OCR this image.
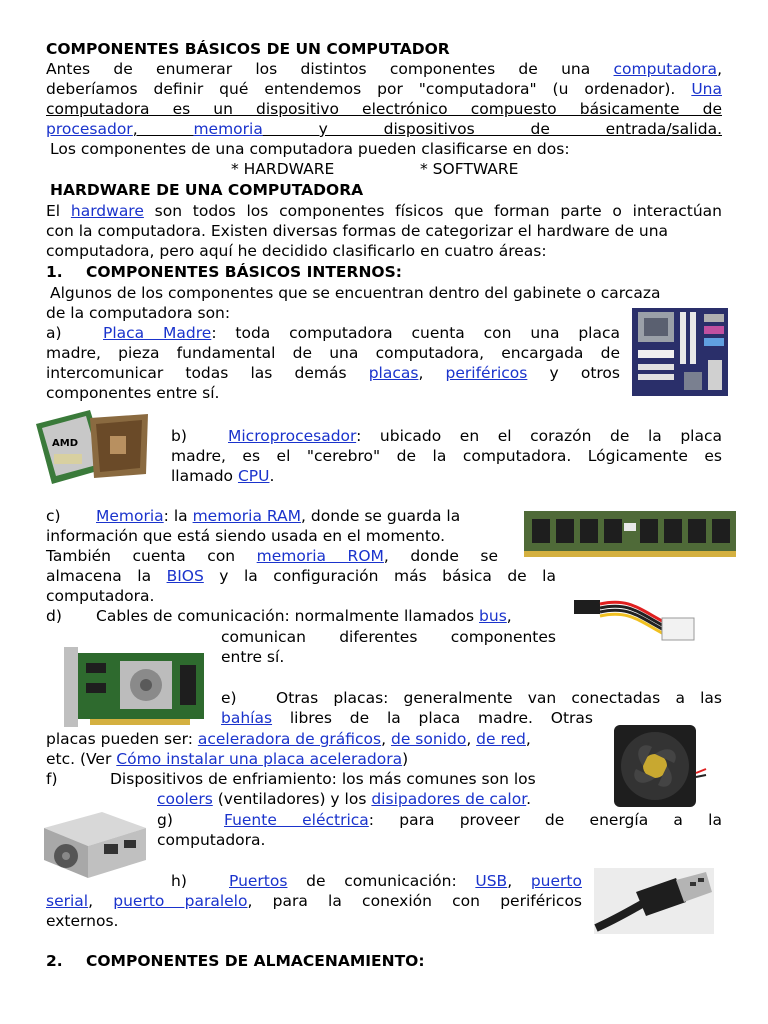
COMPONENTES BÁSICOS DE UN COMPUTADOR
Antes de enumerar los distintos componentes de una computadora,
deberíamos definir qué entendemos por "computadora" (u ordenador). Una
computadora es un dispositivo electrónico compuesto básicamente de
procesador, memoria y dispositivos de entrada/salida.
Los componentes de una computadora pueden clasificarse en dos:
* HARDWARE	* SOFTWARE
HARDWARE DE UNA COMPUTADORA
El hardware son todos los componentes físicos que forman parte o interactúan
con la computadora. Existen diversas formas de categorizar el hardware de una
computadora, pero aquí he decidido clasificarlo en cuatro áreas:
1. COMPONENTES BÁSICOS INTERNOS:
Algunos de los componentes que se encuentran dentro del gabinete o carcaza
de la computadora son:
a)	Placa Madre: toda computadora cuenta con una placa
madre, pieza fundamental de una computadora, encargada de
intercomunicar todas las demás placas, periféricos y otros
componentes entre sí.
AMD	b)	Microprocesador: ubicado en el corazón de la placa
madre, es el "cerebro" de la computadora. Lógicamente es
llamado CPU.
c) Memoria: la memoria RAM, donde se guarda la
información que está siendo usada en el momento.
También cuenta con memoria ROM, donde se
almacena la BIOS y la configuración más básica de la
computadora.
d) Cables de comunicación: normalmente llamados bus,
comunican diferentes componentes
entre sí.
e)	Otras placas: generalmente van conectadas a las
bahías libres de la placa madre. Otras
placas pueden ser: aceleradora de gráficos, de sonido, de red,
etc. (Ver Cómo instalar una placa aceleradora)
f)	Dispositivos de enfriamiento: los más comunes son los
coolers (ventiladores) y los disipadores de calor.
g)	Fuente eléctrica: para proveer de energía a la
computadora.
h)	Puertos de comunicación: USB, puerto
serial, puerto paralelo, para la conexión con periféricos
externos.
2. COMPONENTES DE ALMACENAMIENTO:
